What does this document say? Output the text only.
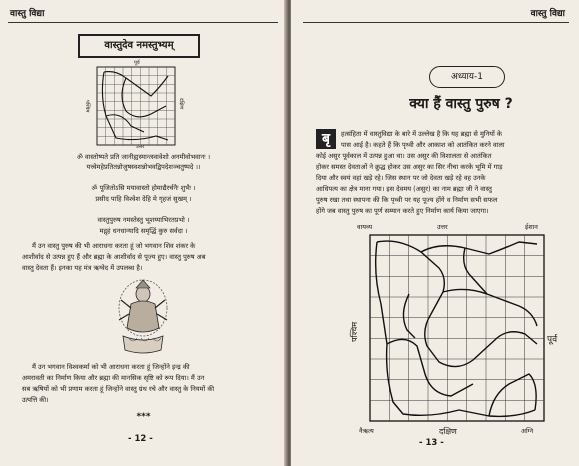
वास्तु विद्या
वास्तुदेव नमस्तुभ्यम्
पूर्व
उत्तर
पश्चिम	दक्षिण
ॐ वास्तोष्पते प्रति जानीह्यस्मान्त्स्वावेशो अनमीवोभवानः ।
यत्त्वेमहेप्रतितन्नोजुषस्वशन्नोभवद्विपदेशञ्चतुष्पदे ।।
ॐ पूजितोऽसि मयावास्तो होमाद्यैरर्चनैः शुभैः ।
प्रसीद पाहि विश्वेश देहि मे गृहजं सुखम् ।
वास्तुपुरुष नमस्तेस्तु भूशय्याभिरतप्रभो ।
मद्गृहं धनधान्यादि समृद्धिं कुरु सर्वदा ।
मैं उन वास्तु पुरुष की भी आराधना करता हूं जो भगवान शिव शंकर के
आशीर्वाद से उत्पन्न हुए हैं और ब्रह्मा के आशीर्वाद से पूज्य हुए। वास्तु पुरुष अब
वास्तु देवता हैं। इनका यह मंत्र ऋग्वेद में उपलब्ध है।
मैं उन भगवान विश्वकर्मा को भी आराधना करता हूं जिन्होंने इन्द्र की
अमरावती का निर्माण किया और ब्रह्मा की मानसिक सृष्टि को रूप दिया। मैं उन
सब ऋषियों को भी प्रणाम करता हूं जिन्होंने वास्तु ग्रंथ रचे और वास्तु के नियमों की
उत्पत्ति की।
***
- 12 -
वास्तु विद्या
अध्याय-1
क्या हैं वास्तु पुरुष ?
बृ	हत्संहिता में वास्तुविद्या के बारे में उल्लेख है कि यह ब्रह्मा से मुनियों के
पास आई है। कहते हैं कि पृथ्वी और आकाश को आतंकित करने वाला
कोई असुर पूर्वकाल में उत्पन्न हुआ था। उस असुर की विशालता से आतंकित
होकर समस्त देवताओं ने क्रुद्ध होकर उस असुर का सिर नीचा करके भूमि में गाड़
दिया और स्वयं वहां खड़े रहे। जिस स्थान पर जो देवता खड़े रहे वह उनके
आधिपत्य का क्षेत्र माना गया। इस देवमय (असुर) का नाम ब्रह्मा जी ने वास्तु
पुरुष रखा तथा स्थापना की कि पृथ्वी पर यह पूज्य होंगे व निर्माण सभी सफल
होंगे जब वास्तु पुरुष का पूर्ण सम्मान करते हुए निर्माण कार्य किया जाएगा।
वायव्य	उत्तर	ईशान
पश्चिम	पूर्व
नैऋत्य	दक्षिण	अग्नि
- 13 -
